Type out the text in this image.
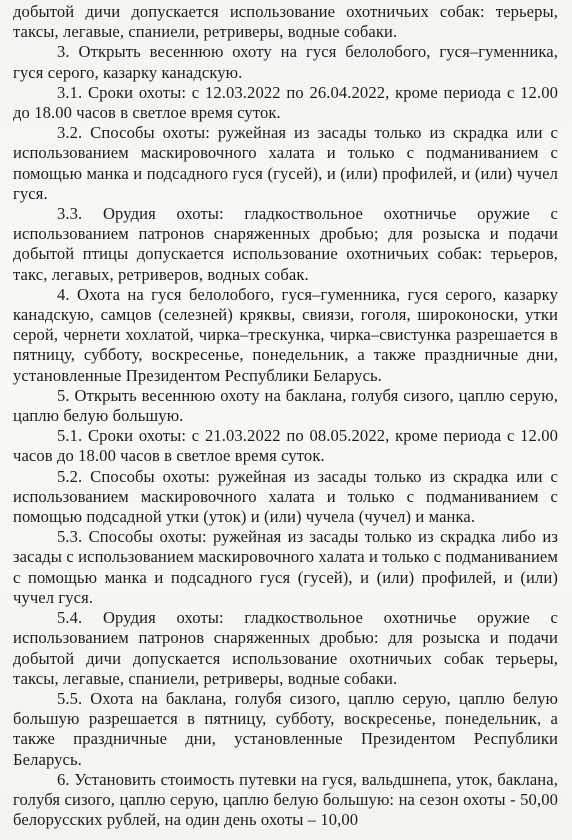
добытой дичи допускается использование охотничьих собак: терьеры, таксы, легавые, спаниели, ретриверы, водные собаки.

3. Открыть весеннюю охоту на гуся белолобого, гуся–гуменника, гуся серого, казарку канадскую.

3.1. Сроки охоты: с 12.03.2022 по 26.04.2022, кроме периода с 12.00 до 18.00 часов в светлое время суток.

3.2. Способы охоты: ружейная из засады только из скрадка или с использованием маскировочного халата и только с подманиванием с помощью манка и подсадного гуся (гусей), и (или) профилей, и (или) чучел гуся.

3.3. Орудия охоты: гладкоствольное охотничье оружие с использованием патронов снаряженных дробью; для розыска и подачи добытой птицы допускается использование охотничьих собак: терьеров, такс, легавых, ретриверов, водных собак.

4. Охота на гуся белолобого, гуся–гуменника, гуся серого, казарку канадскую, самцов (селезней) кряквы, свиязи, гоголя, широконоски, утки серой, чернети хохлатой, чирка–трескунка, чирка–свистунка разрешается в пятницу, субботу, воскресенье, понедельник, а также праздничные дни, установленные Президентом Республики Беларусь.

5. Открыть весеннюю охоту на баклана, голубя сизого, цаплю серую, цаплю белую большую.

5.1. Сроки охоты: с 21.03.2022 по 08.05.2022, кроме периода с 12.00 часов до 18.00 часов в светлое время суток.

5.2. Способы охоты: ружейная из засады только из скрадка или с использованием маскировочного халата и только с подманиванием с помощью подсадной утки (уток) и (или) чучела (чучел) и манка.

5.3. Способы охоты: ружейная из засады только из скрадка либо из засады с использованием маскировочного халата и только с подманиванием с помощью манка и подсадного гуся (гусей), и (или) профилей, и (или) чучел гуся.

5.4. Орудия охоты: гладкоствольное охотничье оружие с использованием патронов снаряженных дробью: для розыска и подачи добытой дичи допускается использование охотничьих собак терьеры, таксы, легавые, спаниели, ретриверы, водные собаки.

5.5. Охота на баклана, голубя сизого, цаплю серую, цаплю белую большую разрешается в пятницу, субботу, воскресенье, понедельник, а также праздничные дни, установленные Президентом Республики Беларусь.

6. Установить стоимость путевки на гуся, вальдшнепа, уток, баклана, голубя сизого, цаплю серую, цаплю белую большую: на сезон охоты - 50,00 белорусских рублей, на один день охоты – 10,00
